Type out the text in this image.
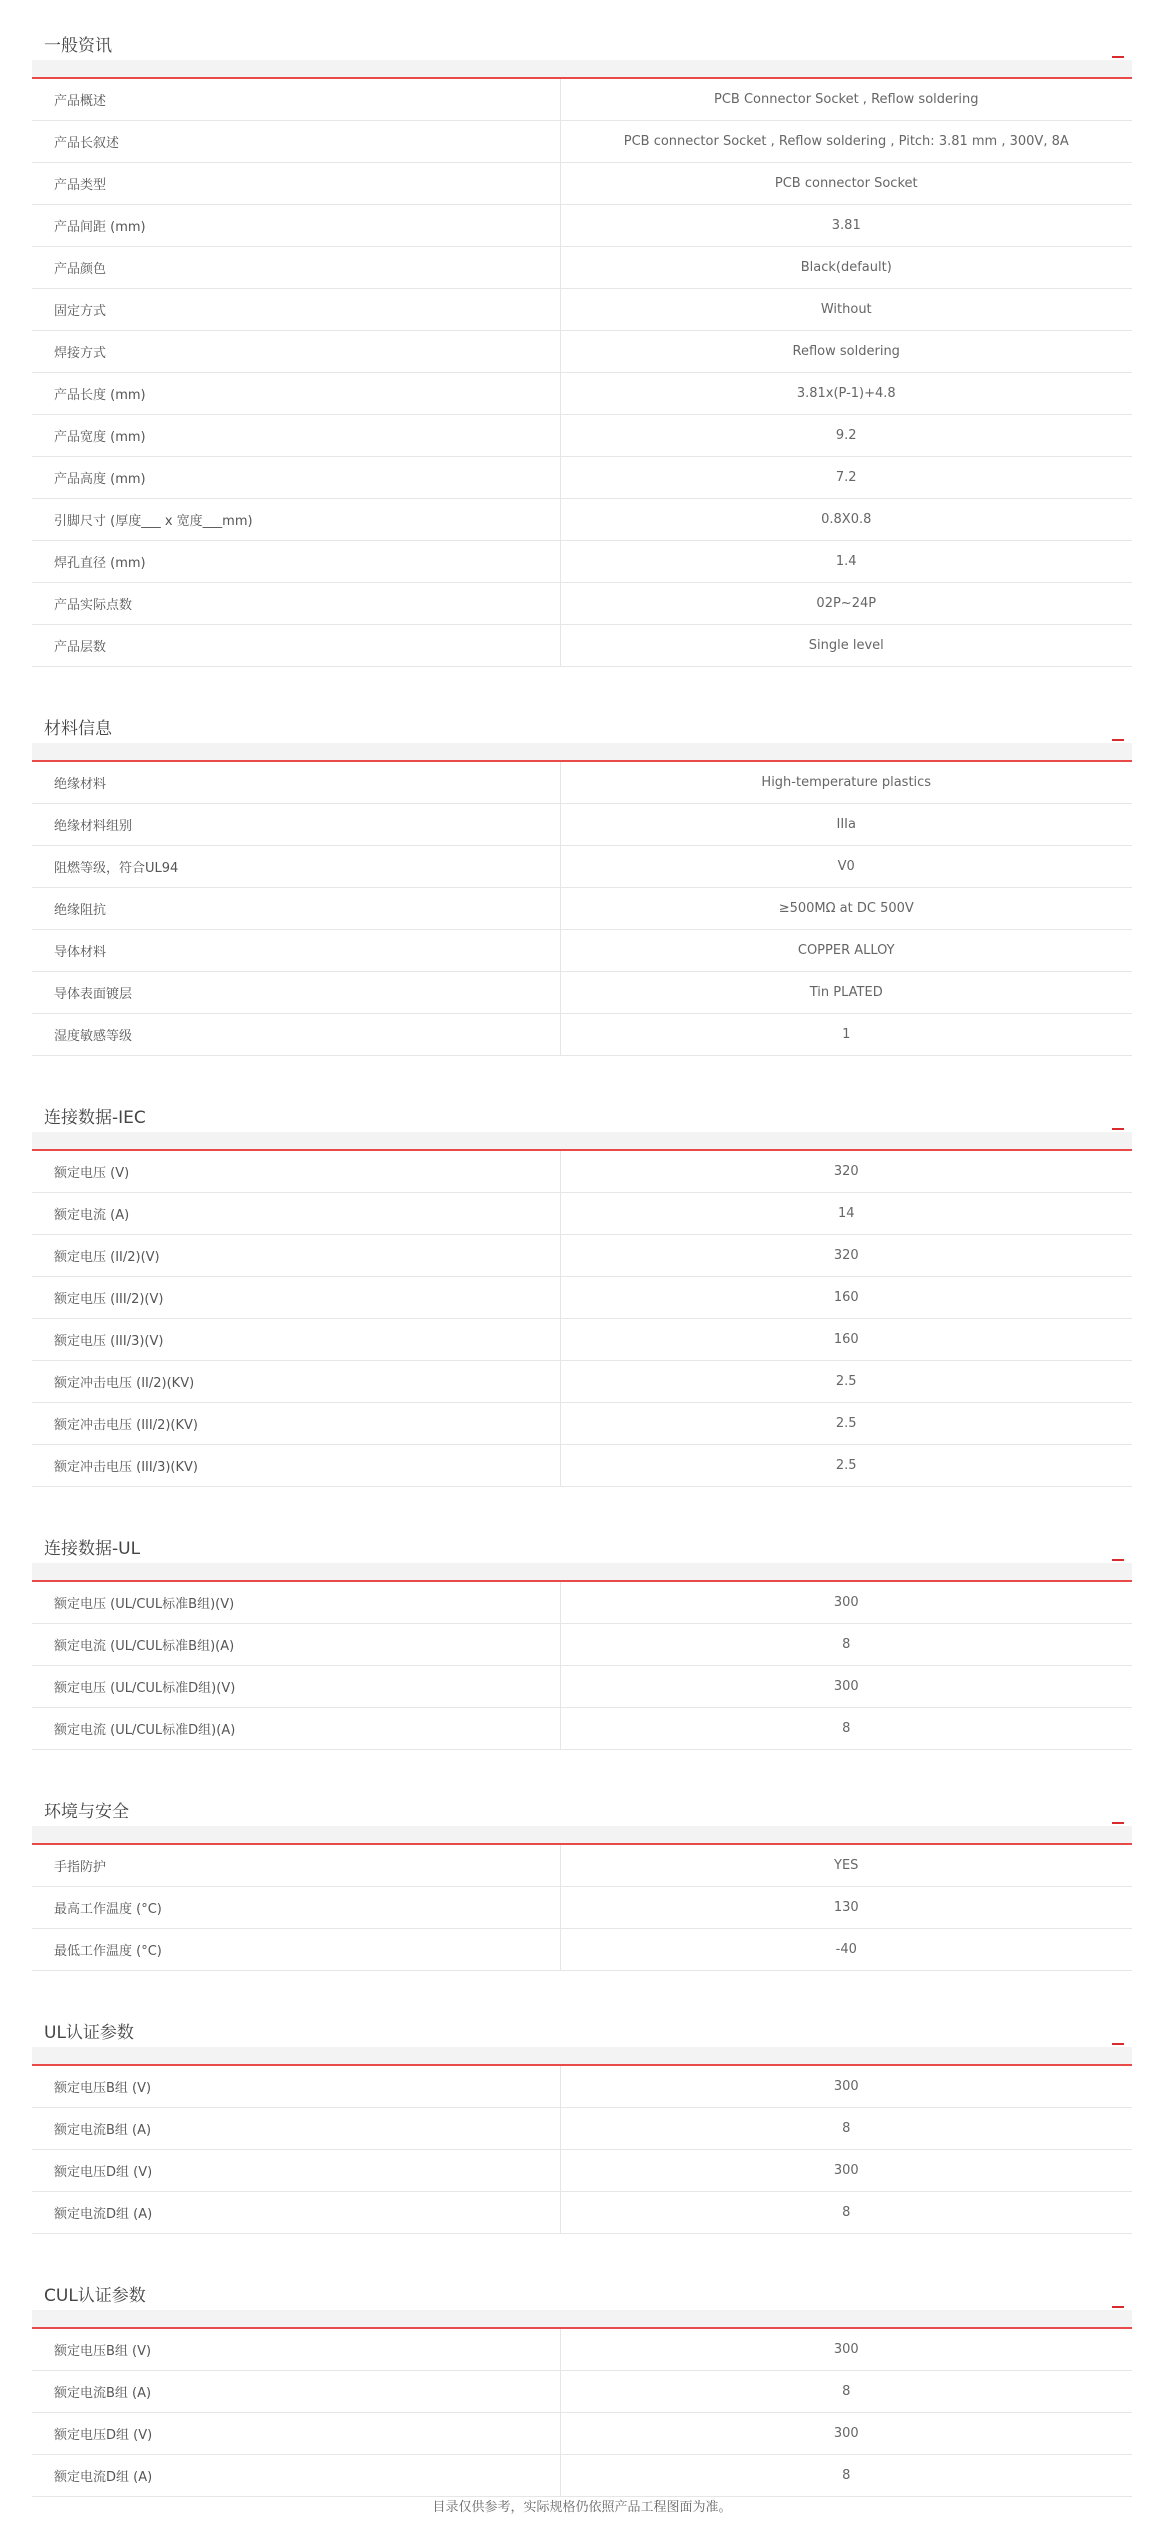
一般资讯
产品概述	PCB Connector Socket , Reflow soldering
产品长叙述	PCB connector Socket , Reflow soldering , Pitch: 3.81 mm , 300V, 8A
产品类型	PCB connector Socket
产品间距 (mm)	3.81
产品颜色	Black(default)
固定方式	Without
焊接方式	Reflow soldering
产品长度 (mm)	3.81x(P-1)+4.8
产品宽度 (mm)	9.2
产品高度 (mm)	7.2
引脚尺寸 (厚度___ x 宽度___mm)	0.8X0.8
焊孔直径 (mm)	1.4
产品实际点数	02P~24P
产品层数	Single level
材料信息
绝缘材料	High-temperature plastics
绝缘材料组别	IIIa
阻燃等级，符合UL94	V0
绝缘阻抗	≥500MΩ at DC 500V
导体材料	COPPER ALLOY
导体表面镀层	Tin PLATED
湿度敏感等级	1
连接数据-IEC
额定电压 (V)	320
额定电流 (A)	14
额定电压 (II/2)(V)	320
额定电压 (III/2)(V)	160
额定电压 (III/3)(V)	160
额定冲击电压 (II/2)(KV)	2.5
额定冲击电压 (III/2)(KV)	2.5
额定冲击电压 (III/3)(KV)	2.5
连接数据-UL
额定电压 (UL/CUL标准B组)(V)	300
额定电流 (UL/CUL标准B组)(A)	8
额定电压 (UL/CUL标准D组)(V)	300
额定电流 (UL/CUL标准D组)(A)	8
环境与安全
手指防护	YES
最高工作温度 (°C)	130
最低工作温度 (°C)	-40
UL认证参数
额定电压B组 (V)	300
额定电流B组 (A)	8
额定电压D组 (V)	300
额定电流D组 (A)	8
CUL认证参数
额定电压B组 (V)	300
额定电流B组 (A)	8
额定电压D组 (V)	300
额定电流D组 (A)	8
目录仅供参考，实际规格仍依照产品工程图面为准。
